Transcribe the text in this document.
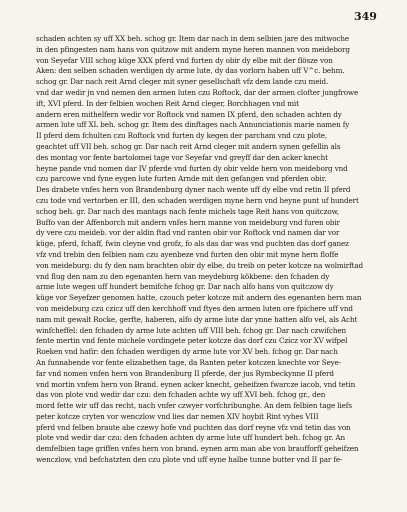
349
schaden achten sy uff XX beh. schog gr. Item dar nach in dem selbien jare des mitwoche
in den pfingesten nam hans von quitzow mit andern myne heren mannen von meideborg
von Seyefar VIII schog küge XXX pferd vnd furten dy obir dy elbe mit der flösze von
Aken: den selben schaden werdigen dy arme lute, dy das vorlorn haben uff V^c. behm.
schog gr. Dar nach reit Arnd cleger mit syner gesellschaft vfz dem lande czu meid.
vnd dar wedir jn vnd nemen den armen luten czu Roftock, dar der armen clofter jungfrowe
ift, XVI pferd. In der felbien wochen Reit Arnd cleger, Borchhagen vnd mit
andern eren mithelfern wedir vor Roftock vnd namen IX pferd, den schaden achten dy
armen lute uff XL beh. schog gr. Item des dinftages nach Annunciationis marie namen fy
II pferd dem fchulten czu Roftock vnd furten dy kegen der parcham vnd czu plote,
geachtet uff VII beh. schog gr. Dar nach reit Arnd cleger mit andern synen gefellin als
des montag vor fente bartolomei tage vor Seyefar vnd greyff dar den acker knecht
heyne pande vnd nomen dar IV pferde vnd furten dy obir velde hern von meideborg vnd
czu parcowe vnd fyne eygen lute furten Arnde mit den gefangen vnd pferden obir.
Des drabete vnfes hern von Brandenburg dyner nach wente uff dy elbe vnd retin II pferd
czu tode vnd vertorben er III, den schaden werdigen myne hern vnd heyne punt uf hundert
schog beh. gr. Dar nach des mantags nach fente michels tage Reit hans von quitczow,
Buffo van der Affenborch mit andern vnfes hern manne von meideburg vnd furen obir
dy vere czu meideb. vor der aldin ftad vnd ranten obir vor Roftock vnd namen dar vor
küge, pferd, fchaff, fwin cleyne vnd grofz, fo als das dar was vnd puchten das dorf ganez
vfz vnd trebin den felbien nam czu ayenbeze vnd furten den obir mit myne hern floffe
von meideburg: du fy den nam brachten obir dy elbe, du treib on peter kotcze na wolmirftad
vnd flug den nam zu den egenanten hern van meydeburg kökbene: den fchaden dy
arme lute wegen uff hundert bemifche fchog gr. Dar nach alfo hans von quitczow dy
küge vor Seyefzer genomen hatte, czouch peter kotcze mit andern des egenanten hern man
von meideburg czu czicz uff den kerchhoff vnd ftyes den armen luten ore fpichere uff vnd
nam mit gewalt Rocke, gerfte, haberen, alfo dy arme lute dar ynne hatten alfo vel, als Acht
winfcheffel: den fchaden dy arme lute achten uff VIII beh. fchog gr. Dar nach czwifchen
fente mertin vnd fente michele vordingete peter kotcze das dorf czu Czicz vor XV wifpel
Roeken vnd hafir: den fchaden werdigen dy arme lute vor XV beh. fchog gr. Dar nach
An funnabende vor fente elizabethen tage, da Ranten peter kotczen knechte vor Seye-
far vnd nomen vnfen hern von Brandenburg II pferde, der jus Rymbeckynne II pferd
vnd mortin vnfem hern von Brand. eynen acker knecht, geheifzen fwarcze iacob, vnd tetin
das von plote vnd wedir dar czu: den fchaden achte wy uff XVI beh. fchog gr., den
mord fette wir uff das recht, nach vnfer czwyer vorfchribunghe. An dem felbien tage liefs
peter kotcze cryten vor wenczlow vnd lies dar nemen XIV hoybit Rint vyhes VIII
pferd vnd felben braute abe czewy hofe vnd puchten das dorf reyne vfz vnd tetin das von
plote vnd wedir dar czu: den fchaden achten dy arme lute uff hundert beh. fchog gr. An
demfelbien tage griffen vnfes hern von brand. eynen arm man abe von braufforff geheifzen
wenczlow, vnd befchatzten den czu plote vnd uff eyne halbe tunne butter vnd II par fe-
